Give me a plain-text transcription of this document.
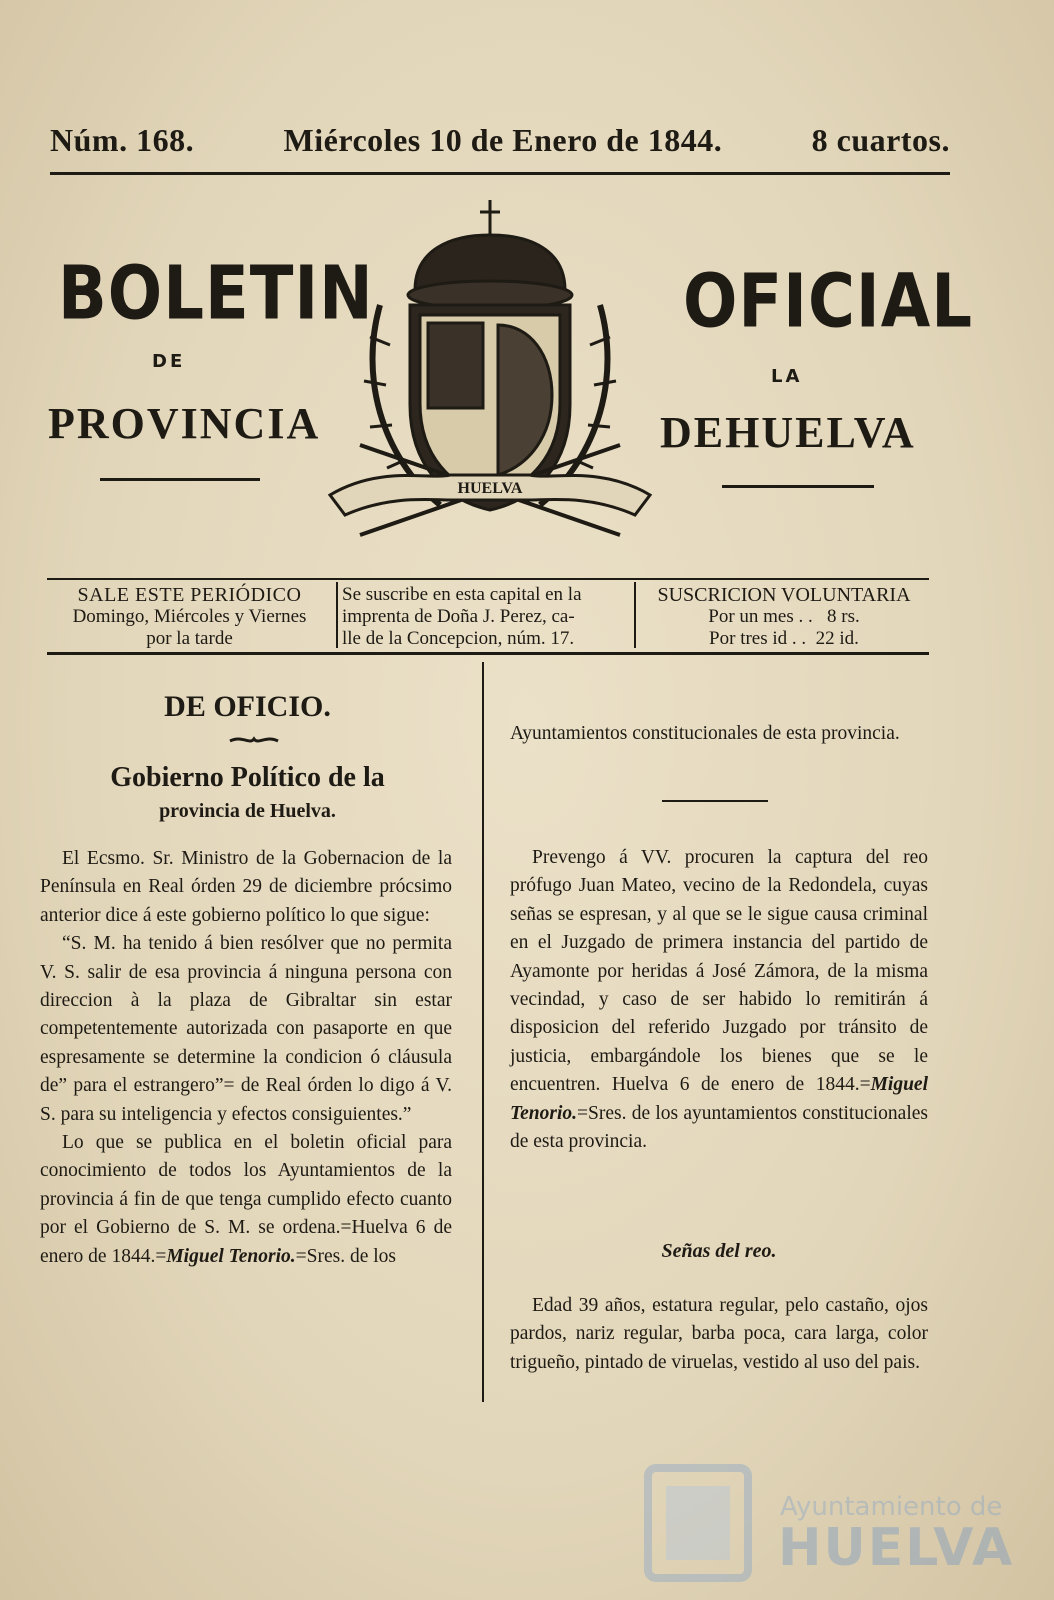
Núm. 168.	Miércoles 10 de Enero de 1844.	8 cuartos.
BOLETIN	OFICIAL
DE
LA
PROVINCIA	DEHUELVA
HUELVA
SALE ESTE PERIÓDICO
Domingo, Miércoles y Viernes
por la tarde
Se suscribe en esta capital en la
imprenta de Doña J. Perez, ca-
lle de la Concepcion, núm. 17.
SUSCRICION VOLUNTARIA
Por un mes . .   8 rs.
Por tres id . .  22 id.
DE OFICIO.
Gobierno Político de la
provincia de Huelva.

El Ecsmo. Sr. Ministro de la Gobernacion de la Península en Real órden 29 de diciembre prócsimo anterior dice á este gobierno político lo que sigue:

“S. M. ha tenido á bien resólver que no permita V. S. salir de esa provincia á ninguna persona con direccion à la plaza de Gibraltar sin estar competentemente autorizada con pasaporte en que espresamente se determine la condicion ó cláusula de” para el estrangero”= de Real órden lo digo á V. S. para su inteligencia y efectos consiguientes.”

Lo que se publica en el boletin oficial para conocimiento de todos los Ayuntamientos de la provincia á fin de que tenga cumplido efecto cuanto por el Gobierno de S. M. se ordena.=Huelva 6 de enero de 1844.=Miguel Tenorio.=Sres. de los

Ayuntamientos constitucionales de esta provincia.

Prevengo á VV. procuren la captura del reo prófugo Juan Mateo, vecino de la Redondela, cuyas señas se espresan, y al que se le sigue causa criminal en el Juzgado de primera instancia del partido de Ayamonte por heridas á José Zámora, de la misma vecindad, y caso de ser habido lo remitirán á disposicion del referido Juzgado por tránsito de justicia, embargándole los bienes que se le encuentren. Huelva 6 de enero de 1844.=Miguel Tenorio.=Sres. de los ayuntamientos constitucionales de esta provincia.

Señas del reo.

Edad 39 años, estatura regular, pelo castaño, ojos pardos, nariz regular, barba poca, cara larga, color trigueño, pintado de viruelas, vestido al uso del pais.

Ayuntamiento de
HUELVA
